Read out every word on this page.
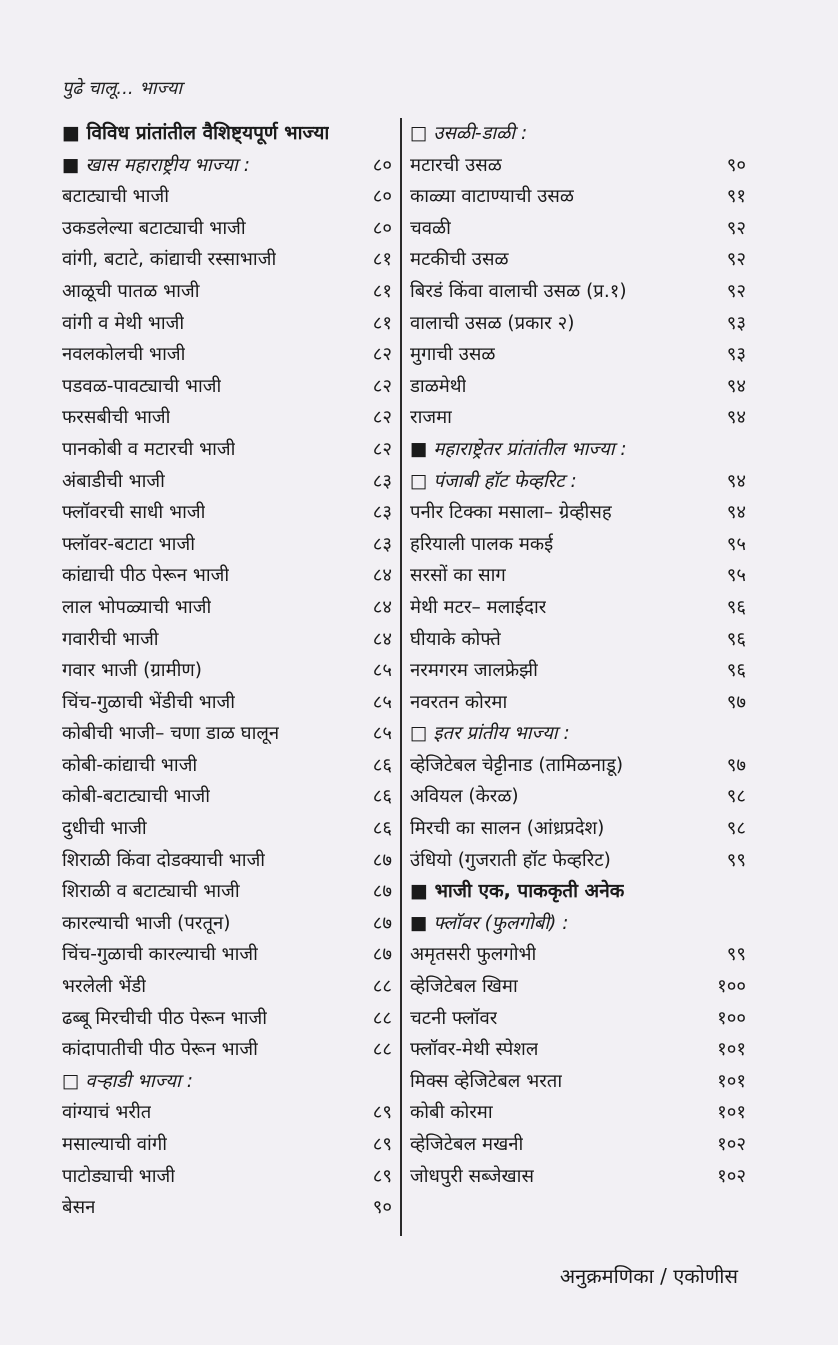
पुढे चालू... भाज्या
■ विविध प्रांतांतील वैशिष्ट्यपूर्ण भाज्या
■ खास महाराष्ट्रीय भाज्या :	८०
बटाट्याची भाजी	८०
उकडलेल्या बटाट्याची भाजी	८०
वांगी, बटाटे, कांद्याची रस्साभाजी	८१
आळूची पातळ भाजी	८१
वांगी व मेथी भाजी	८१
नवलकोलची भाजी	८२
पडवळ-पावट्याची भाजी	८२
फरसबीची भाजी	८२
पानकोबी व मटारची भाजी	८२
अंबाडीची भाजी	८३
फ्लॉवरची साधी भाजी	८३
फ्लॉवर-बटाटा भाजी	८३
कांद्याची पीठ पेरून भाजी	८४
लाल भोपळ्याची भाजी	८४
गवारीची भाजी	८४
गवार भाजी (ग्रामीण)	८५
चिंच-गुळाची भेंडीची भाजी	८५
कोबीची भाजी– चणा डाळ घालून	८५
कोबी-कांद्याची भाजी	८६
कोबी-बटाट्याची भाजी	८६
दुधीची भाजी	८६
शिराळी किंवा दोडक्याची भाजी	८७
शिराळी व बटाट्याची भाजी	८७
कारल्याची भाजी (परतून)	८७
चिंच-गुळाची कारल्याची भाजी	८७
भरलेली भेंडी	८८
ढब्बू मिरचीची पीठ पेरून भाजी	८८
कांदापातीची पीठ पेरून भाजी	८८
□ वऱ्हाडी भाज्या :
वांग्याचं भरीत	८९
मसाल्याची वांगी	८९
पाटोड्याची भाजी	८९
बेसन	९०
□ उसळी-डाळी :
मटारची उसळ	९०
काळ्या वाटाण्याची उसळ	९१
चवळी	९२
मटकीची उसळ	९२
बिरडं किंवा वालाची उसळ (प्र.१)	९२
वालाची उसळ (प्रकार २)	९३
मुगाची उसळ	९३
डाळमेथी	९४
राजमा	९४
■ महाराष्ट्रेतर प्रांतांतील भाज्या :
□ पंजाबी हॉट फेव्हरिट :	९४
पनीर टिक्का मसाला– ग्रेव्हीसह	९४
हरियाली पालक मकई	९५
सरसों का साग	९५
मेथी मटर– मलाईदार	९६
घीयाके कोफ्ते	९६
नरमगरम जालफ्रेझी	९६
नवरतन कोरमा	९७
□ इतर प्रांतीय भाज्या :
व्हेजिटेबल चेट्टीनाड (तामिळनाडू)	९७
अवियल (केरळ)	९८
मिरची का सालन (आंध्रप्रदेश)	९८
उंधियो (गुजराती हॉट फेव्हरिट)	९९
■ भाजी एक, पाककृती अनेक
■ फ्लॉवर (फुलगोबी) :
अमृतसरी फुलगोभी	९९
व्हेजिटेबल खिमा	१००
चटनी फ्लॉवर	१००
फ्लॉवर-मेथी स्पेशल	१०१
मिक्स व्हेजिटेबल भरता	१०१
कोबी कोरमा	१०१
व्हेजिटेबल मखनी	१०२
जोधपुरी सब्जेखास	१०२
अनुक्रमणिका / एकोणीस
